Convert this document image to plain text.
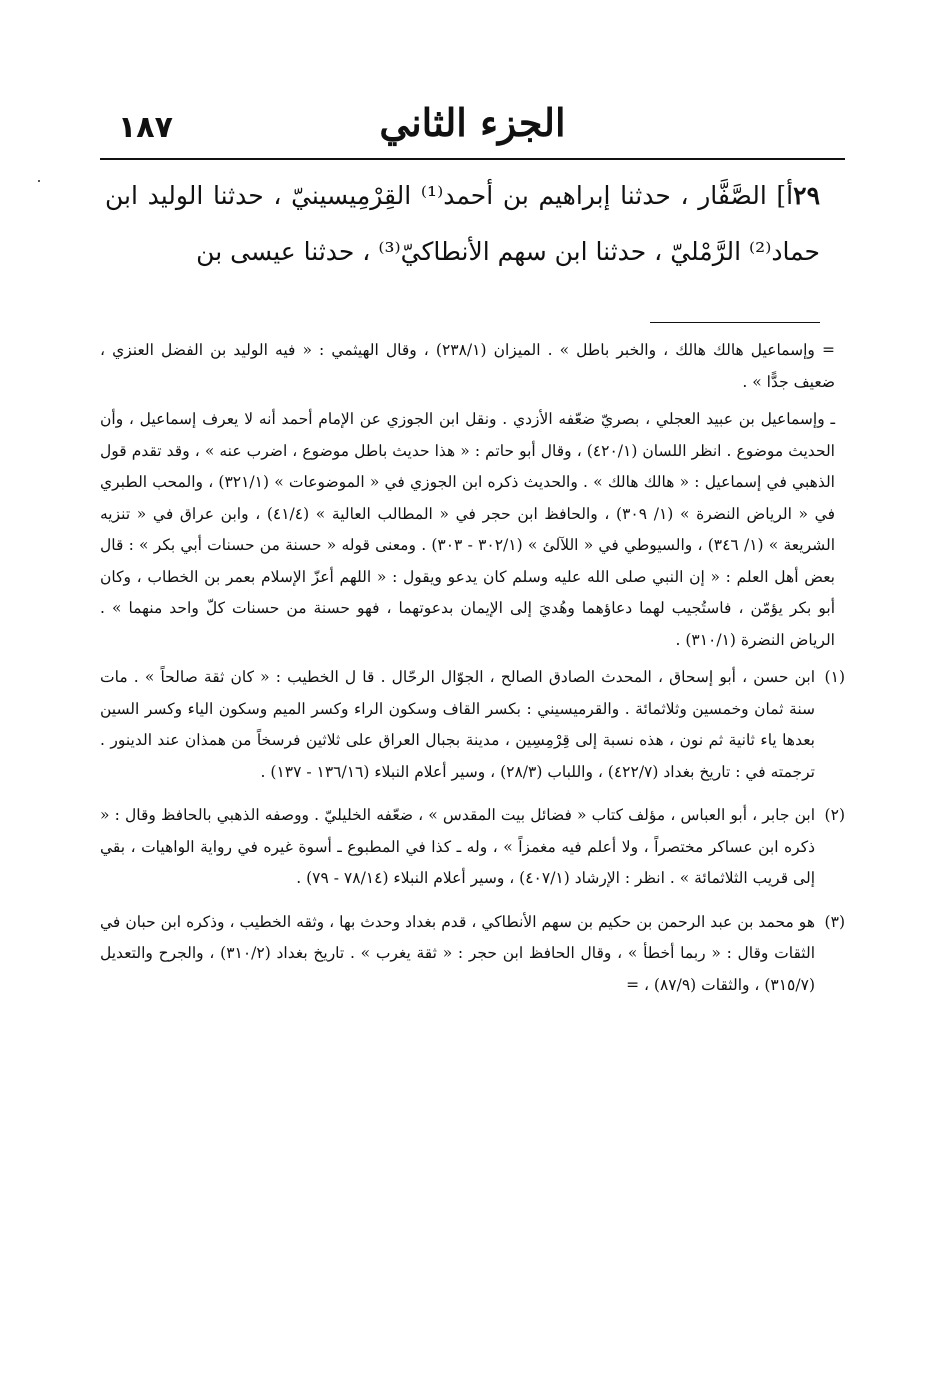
١٨٧	الجزء الثاني
٢٩أ] الصَّفَّار ، حدثنا إبراهيم بن أحمد⁽¹⁾ القِرْمِيسينيّ ، حدثنا الوليد ابن حماد⁽²⁾ الرَّمْليّ ، حدثنا ابن سهم الأنطاكيّ⁽³⁾ ، حدثنا عيسى بن
= وإسماعيل هالك هالك ، والخبر باطل » . الميزان (٢٣٨/١) ، وقال الهيثمي : « فيه الوليد بن الفضل العنزي ، ضعيف جدًّا » .
ـ وإسماعيل بن عبيد العجلي ، بصريّ ضعّفه الأزدي . ونقل ابن الجوزي عن الإمام أحمد أنه لا يعرف إسماعيل ، وأن الحديث موضوع . انظر اللسان (٤٢٠/١) ، وقال أبو حاتم : « هذا حديث باطل موضوع ، اضرب عنه » ، وقد تقدم قول الذهبي في إسماعيل : « هالك هالك » . والحديث ذكره ابن الجوزي في « الموضوعات » (٣٢١/١) ، والمحب الطبري في « الرياض النضرة » (١/ ٣٠٩) ، والحافظ ابن حجر في « المطالب العالية » (٤١/٤) ، وابن عراق في « تنزيه الشريعة » (١/ ٣٤٦) ، والسيوطي في « اللآلئ » (٣٠٢/١ - ٣٠٣) . ومعنى قوله « حسنة من حسنات أبي بكر » : قال بعض أهل العلم : « إن النبي صلى الله عليه وسلم كان يدعو ويقول : « اللهم أعزّ الإسلام بعمر بن الخطاب ، وكان أبو بكر يؤمّن ، فاستُجيب لهما دعاؤهما وهُديَ إلى الإيمان بدعوتهما ، فهو حسنة من حسنات كلّ واحد منهما » . الرياض النضرة (٣١٠/١) .
(١)
ابن حسن ، أبو إسحاق ، المحدث الصادق الصالح ، الجوّال الرحّال . قا ل الخطيب : « كان ثقة صالحاً » . مات سنة ثمان وخمسين وثلاثمائة . والقرميسيني : بكسر القاف وسكون الراء وكسر الميم وسكون الياء وكسر السين بعدها ياء ثانية ثم نون ، هذه نسبة إلى قِرْمِسِين ، مدينة بجبال العراق على ثلاثين فرسخاً من همذان عند الدينور . ترجمته في : تاريخ بغداد (٤٢٢/٧) ، واللباب (٢٨/٣) ، وسير أعلام النبلاء (١٣٦/١٦ - ١٣٧) .
(٢)
ابن جابر ، أبو العباس ، مؤلف كتاب « فضائل بيت المقدس » ، ضعّفه الخليليّ . ووصفه الذهبي بالحافظ وقال : « ذكره ابن عساكر مختصراً ، ولا أعلم فيه مغمزاً » ، وله ـ كذا في المطبوع ـ أسوة غيره في رواية الواهيات ، بقي إلى قريب الثلاثمائة » . انظر : الإرشاد (٤٠٧/١) ، وسير أعلام النبلاء (٧٨/١٤ - ٧٩) .
(٣)
هو محمد بن عبد الرحمن بن حكيم بن سهم الأنطاكي ، قدم بغداد وحدث بها ، وثقه الخطيب ، وذكره ابن حبان في الثقات وقال : « ربما أخطأ » ، وقال الحافظ ابن حجر : « ثقة يغرب » . تاريخ بغداد (٣١٠/٢) ، والجرح والتعديل (٣١٥/٧) ، والثقات (٨٧/٩) ، =
